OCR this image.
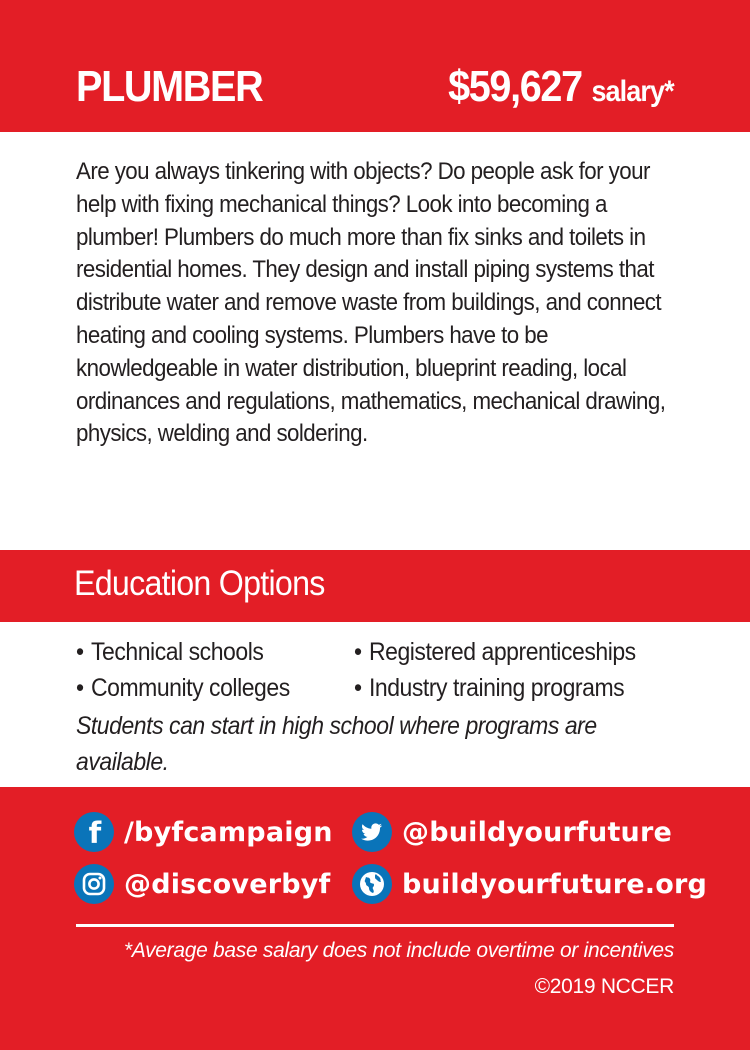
PLUMBER	$59,627 salary*
Are you always tinkering with objects? Do people ask for your help with fixing mechanical things? Look into becoming a plumber! Plumbers do much more than fix sinks and toilets in residential homes. They design and install piping systems that distribute water and remove waste from buildings, and connect heating and cooling systems. Plumbers have to be knowledgeable in water distribution, blueprint reading, local ordinances and regulations, mathematics, mechanical drawing, physics, welding and soldering.
Education Options
• Technical schools
• Community colleges
• Registered apprenticeships
• Industry training programs
Students can start in high school where programs are available.
f /byfcampaign	@buildyourfuture
@discoverbyf	buildyourfuture.org
*Average base salary does not include overtime or incentives
©2019 NCCER
